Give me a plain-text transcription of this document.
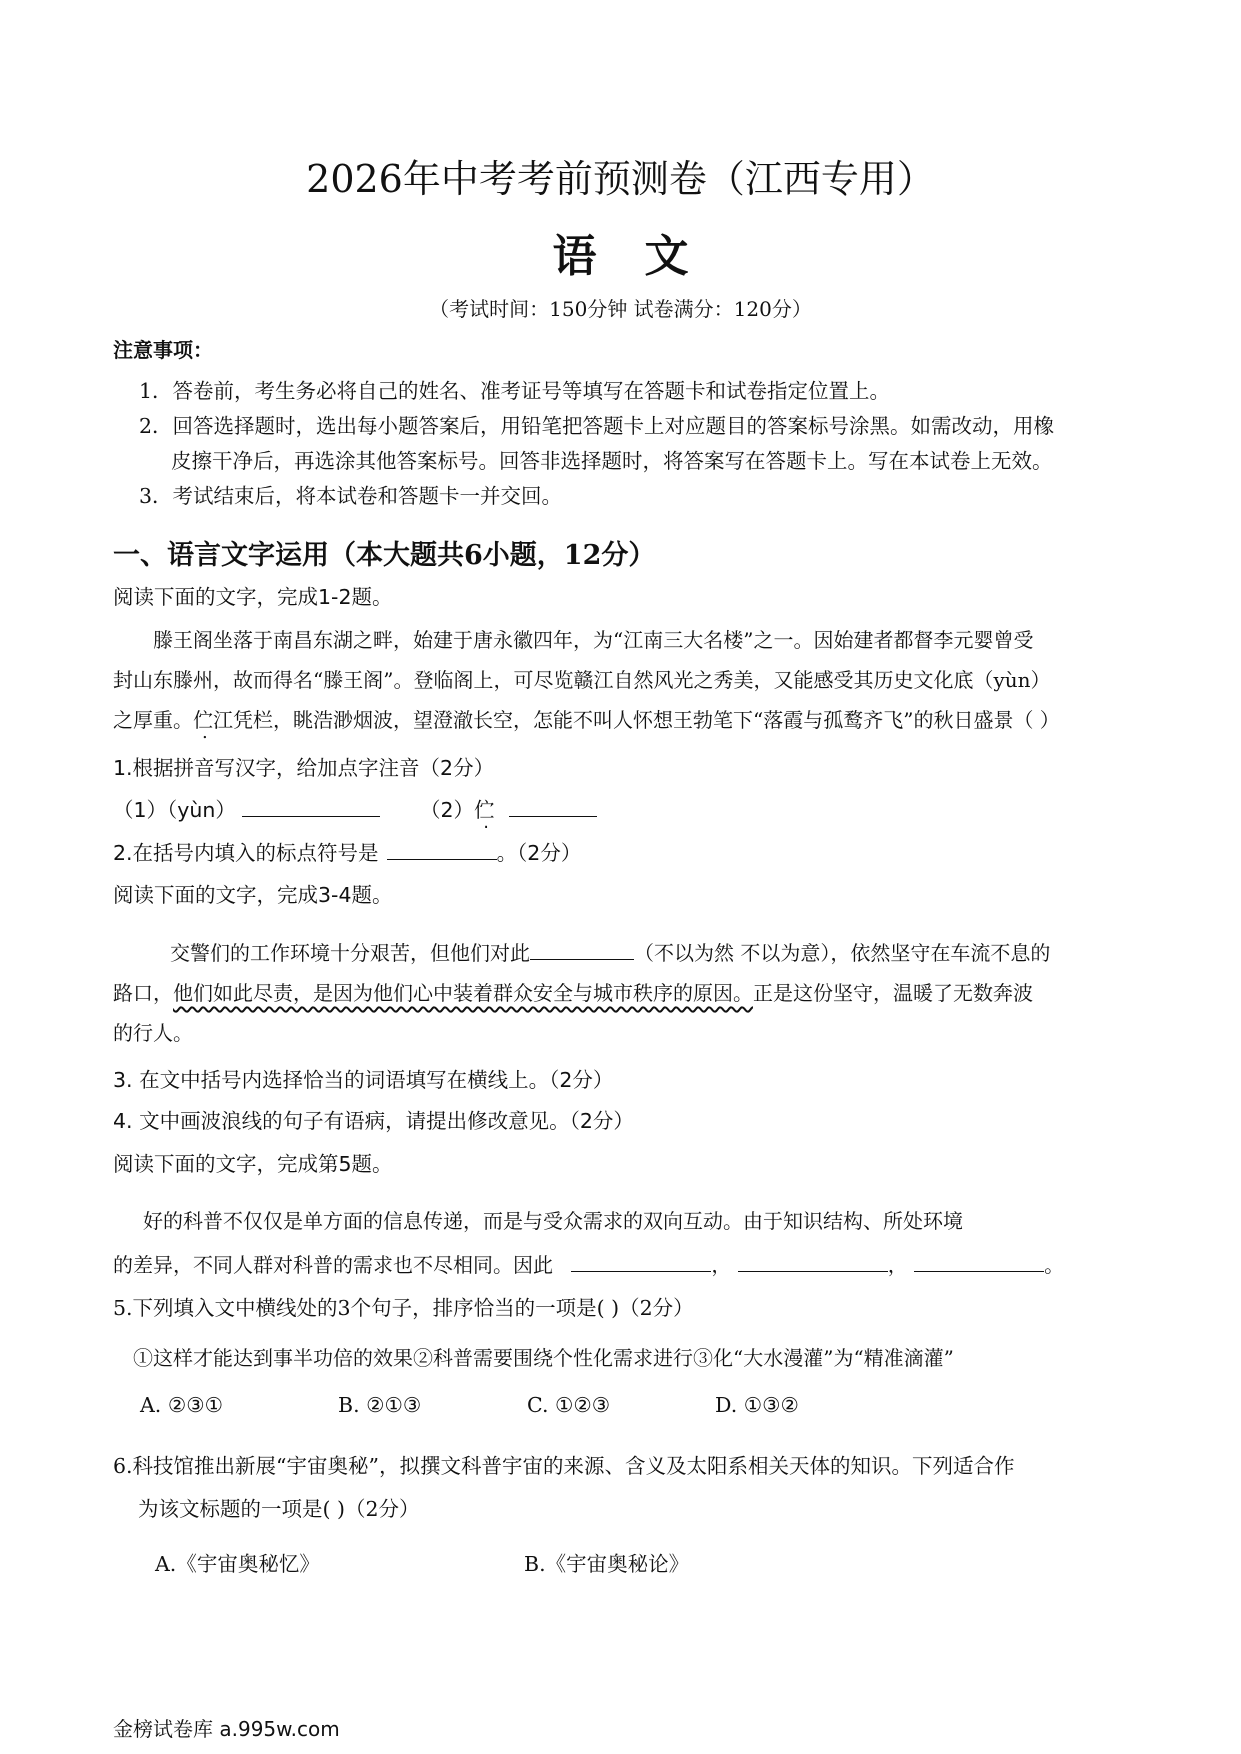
2026年中考考前预测卷（江西专用）
语文
（考试时间：150分钟 试卷满分：120分）
注意事项：
1．答卷前，考生务必将自己的姓名、准考证号等填写在答题卡和试卷指定位置上。
2．回答选择题时，选出每小题答案后，用铅笔把答题卡上对应题目的答案标号涂黑。如需改动，用橡
皮擦干净后，再选涂其他答案标号。回答非选择题时，将答案写在答题卡上。写在本试卷上无效。
3．考试结束后，将本试卷和答题卡一并交回。
一、语言文字运用（本大题共6小题，12分）
阅读下面的文字，完成1-2题。
滕王阁坐落于南昌东湖之畔，始建于唐永徽四年，为“江南三大名楼”之一。因始建者都督李元婴曾受
封山东滕州，故而得名“滕王阁”。登临阁上，可尽览赣江自然风光之秀美，又能感受其历史文化底（yùn）
之厚重。伫江凭栏，眺浩渺烟波，望澄澈长空，怎能不叫人怀想王勃笔下“落霞与孤鹜齐飞”的秋日盛景（ ）
1.根据拼音写汉字，给加点字注音（2分）
（1）（yùn）	（2）伫
2.在括号内填入的标点符号是	。（2分）
阅读下面的文字，完成3-4题。
交警们的工作环境十分艰苦，但他们对此	（不以为然 不以为意），依然坚守在车流不息的
路口，他们如此尽责，是因为他们心中装着群众安全与城市秩序的原因。正是这份坚守，温暖了无数奔波
的行人。
3. 在文中括号内选择恰当的词语填写在横线上。（2分）
4. 文中画波浪线的句子有语病，请提出修改意见。（2分）
阅读下面的文字，完成第5题。
好的科普不仅仅是单方面的信息传递，而是与受众需求的双向互动。由于知识结构、所处环境
的差异，不同人群对科普的需求也不尽相同。因此	，	，	。
5.下列填入文中横线处的3个句子，排序恰当的一项是( )（2分）
①这样才能达到事半功倍的效果②科普需要围绕个性化需求进行③化“大水漫灌”为“精准滴灌”
A. ②③①	B. ②①③	C. ①②③	D. ①③②
6.科技馆推出新展“宇宙奥秘”，拟撰文科普宇宙的来源、含义及太阳系相关天体的知识。下列适合作
为该文标题的一项是( )（2分）
A.《宇宙奥秘忆》	B.《宇宙奥秘论》
金榜试卷库 a.995w.com
